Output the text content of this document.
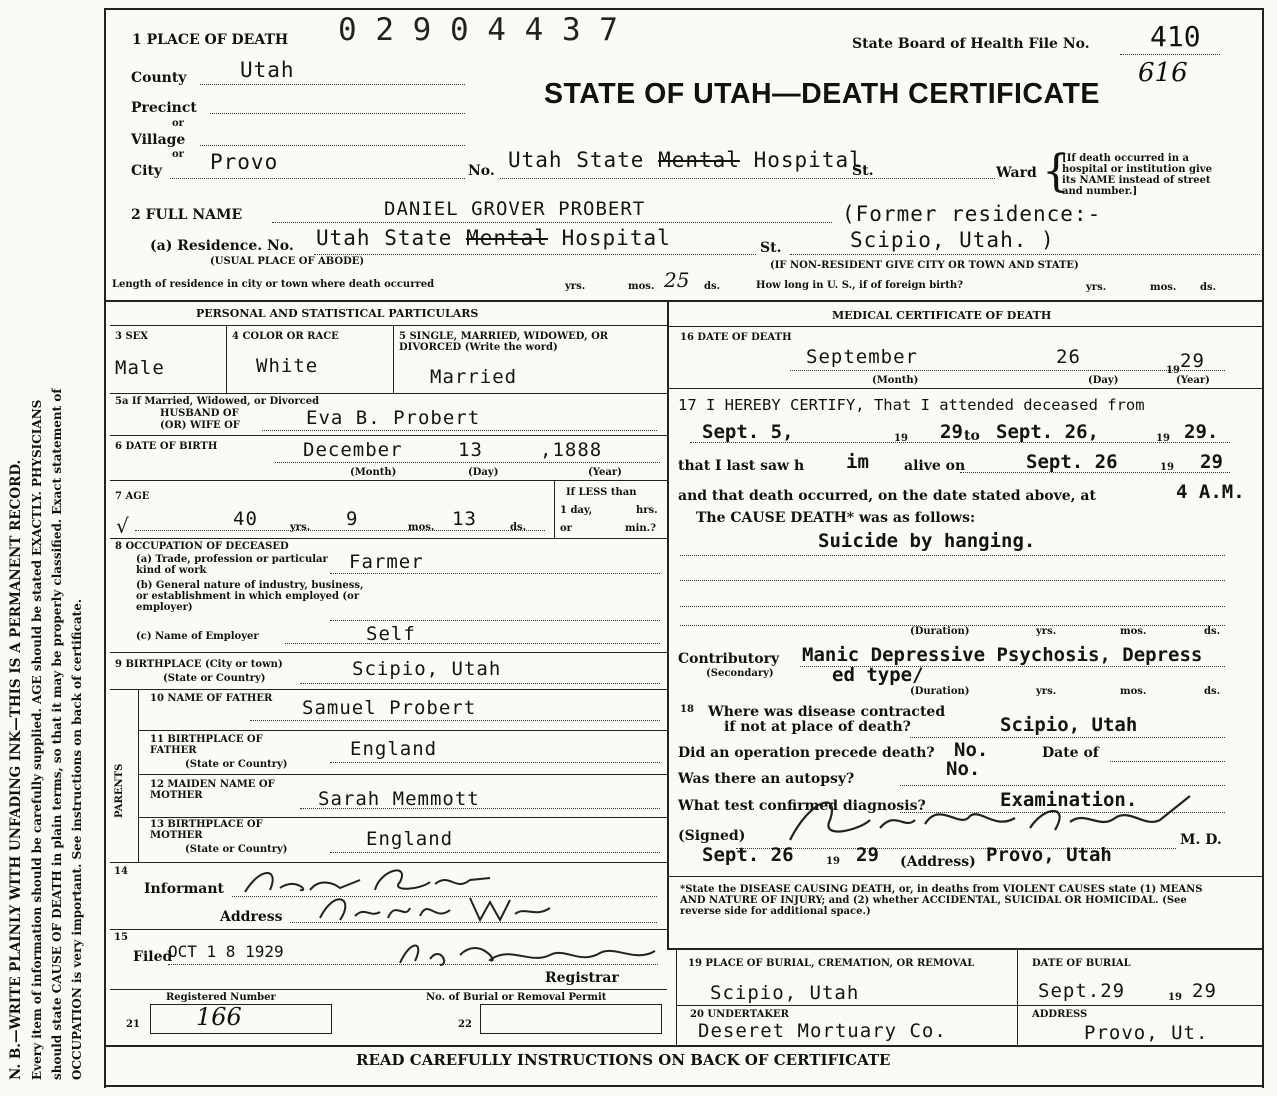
N. B.—WRITE PLAINLY WITH UNFADING INK—THIS IS A PERMANENT RECORD. Every item of information should be carefully supplied. AGE should be stated EXACTLY. PHYSICIANS should state CAUSE OF DEATH in plain terms, so that it may be properly classified. Exact statement of OCCUPATION is very important. See instructions on back of certificate.
1 PLACE OF DEATH 0 2 9 0 4 4 3 7	State Board of Health File No. 410
616
STATE OF UTAH—DEATH CERTIFICATE
County	Utah
Precinct
or
Village
or
City Provo	No. Utah State Mental Hospital
St.	Ward {
[If death occurred in a hospital or institution give its NAME instead of street and number.]
2 FULL NAME	DANIEL GROVER PROBERT	(Former residence:-
(a) Residence. No. Utah State Mental Hospital	St.	Scipio, Utah. )
(USUAL PLACE OF ABODE)	(IF NON-RESIDENT GIVE CITY OR TOWN AND STATE)
Length of residence in city or town where death occurred	yrs.	mos. 25 ds.	How long in U. S., if of foreign birth?	yrs.	mos. ds.
PERSONAL AND STATISTICAL PARTICULARS
3 SEX
Male
4 COLOR OR RACE
White
5 SINGLE, MARRIED, WIDOWED, OR DIVORCED (Write the word)
Married
5a If Married, Widowed, or Divorced
HUSBAND OF
(OR) WIFE OF	Eva B. Probert
6 DATE OF BIRTH	December	13	,1888
(Month)	(Day)	(Year)
7 AGE
√	40	yrs. 9	mos. 13	ds.
If LESS than
1 day,	hrs.
or	min.?
8 OCCUPATION OF DECEASED
(a) Trade, profession or particular kind of work	Farmer
(b) General nature of industry, business, or establishment in which employed (or employer)
(c) Name of Employer	Self
9 BIRTHPLACE (City or town)
(State or Country)	Scipio, Utah
PARENTS
10 NAME OF FATHER Samuel Probert
11 BIRTHPLACE OF FATHER
(State or Country)
England
12 MAIDEN NAME OF MOTHER	Sarah Memmott
13 BIRTHPLACE OF MOTHER
(State or Country)	England
14
Informant
Address
15
Filed
OCT 1 8 1929
Registrar
Registered Number	No. of Burial or Removal Permit
21 166	22
MEDICAL CERTIFICATE OF DEATH
16 DATE OF DEATH
September	26
19 29
(Month)	(Day)	(Year)
17 I HEREBY CERTIFY, That I attended deceased from
Sept. 5,	19 29 to Sept. 26,	19 29.
that I last saw h im	alive on	Sept. 26	19 29
and that death occurred, on the date stated above, at	4 A.M.
The CAUSE DEATH* was as follows:
Suicide by hanging.
(Duration)	yrs.	mos.	ds.
Contributory
(Secondary)
Manic Depressive Psychosis, Depress
ed type/
(Duration)	yrs.	mos.	ds.
18 Where was disease contracted
if not at place of death?	Scipio, Utah
Did an operation precede death? No.	Date of
Was there an autopsy?	No.
What test confirmed diagnosis?	Examination.
(Signed)	M. D.
Sept. 26	19 29 (Address) Provo, Utah
*State the DISEASE CAUSING DEATH, or, in deaths from VIOLENT CAUSES state (1) MEANS AND NATURE OF INJURY; and (2) whether ACCIDENTAL, SUICIDAL OR HOMICIDAL. (See reverse side for additional space.)
19 PLACE OF BURIAL, CREMATION, OR REMOVAL
Scipio, Utah
DATE OF BURIAL
Sept.29	19 29
20 UNDERTAKER
Deseret Mortuary Co.
ADDRESS
Provo, Ut.
READ CAREFULLY INSTRUCTIONS ON BACK OF CERTIFICATE
